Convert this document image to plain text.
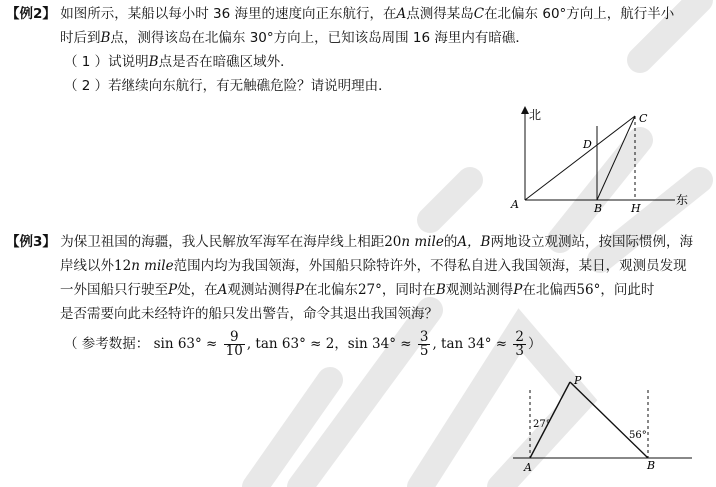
【例2】 如图所示，某船以每小时 36 海里的速度向正东航行，在A点测得某岛C在北偏东 60°方向上，航行半小
时后到B点，测得该岛在北偏东 30°方向上，已知该岛周围 16 海里内有暗礁．
（ 1 ）试说明B点是否在暗礁区域外．
（ 2 ）若继续向东航行，有无触礁危险？请说明理由．
北
东
A	B
C
D
H
【例3】 为保卫祖国的海疆，我人民解放军海军在海岸线上相距20n mile的A，B两地设立观测站，按国际惯例，海
岸线以外12n mile范围内均为我国领海，外国船只除特许外，不得私自进入我国领海，某日，观测员发现
一外国船只行驶至P处，在A观测站测得P在北偏东27°，同时在B观测站测得P在北偏西56°，问此时
是否需要向此未经特许的船只发出警告，命令其退出我国领海？
（ 参考数据： $\sin 63^\circ \approx \frac{9}{10}$ , tan 63° ≈ 2，$\sin 34^\circ \approx \frac{3}{5}$ , $\tan 34^\circ \approx \frac{2}{3}$ ）
P
A	B
27°
56°
